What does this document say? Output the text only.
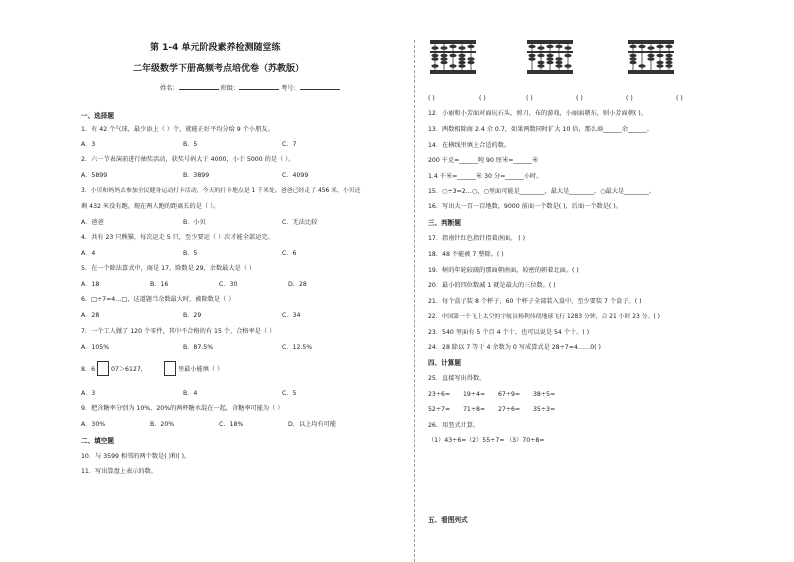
第 1-4 单元阶段素养检测随堂练
二年级数学下册高频考点培优卷（苏教版）
姓名：	班级：	考号：
一、选择题
1．有 42 个气球，最少添上（ ）个，就能正好平均分给 9 个小朋友。
A．3	B．5	C．7
2．六一节表演前进行抽奖活动，获奖号码大于 4000，小于 5000 的是（ ）。
A．5899	B．3899	C．4099
3．小贝和妈妈去参加全民健身运动打卡活动，今天的打卡地点是 1 千米处。爸爸已经走了 456 米，小贝还
剩 432 米没有跑。现在两人跑的距离长的是（ ）。
A．爸爸	B．小贝	C．无法比较
4．共有 23 只熊猫，每次运走 5 只，至少要运（ ）次才能全部运完。
A．4	B．5	C．6
5．在一个除法算式中，商是 17，除数是 29，余数最大是（ ）
A．18	B．16	C．30	D．28
6．□÷7=4…□，这道题当余数最大时，被除数是（ ）
A．28	B．29	C．34
7．一个工人做了 120 个零件，其中不合格的有 15 个，合格率是（ ）
A．105%	B．87.5%	C．12.5%
8．6	07＞6127，	里最小能填（ ）
A．3	B．4	C．5
9．把含糖率分别为 10%、20%的两杯糖水混在一起，含糖率可能为（ ）
A．30%	B．20%	C．18%	D．以上均有可能
二、填空题
10．与 3599 相邻的两个数是( )和( )。
11．写出算盘上表示的数。
( )	( )	( )	( )	( )	( )
12．小丽和小芳面对面玩石头、剪刀、布的游戏，小丽面朝东，则小芳面朝( )。
13．两数相除商 2.4 余 0.7，如果两数同时扩大 10 倍，那么商______余______。
14．在横线里填上合适的数。
200 千克=______吨 90 厘米=______米
1.4 千米=______米 30 分=______小时。
15．○÷3=2…○，○里面可能是________，最大是________，○最大是________。
16．写出大一百一百地数，9000 前面一个数是( )，后面一个数是( )。
三、判断题
17．指南针红色指针指着南面。 ( )
18．48 不能被 7 整除。( )
19．树的年轮较疏的那面朝南面，较密的朝着北面。( )
20．最小的四位数减 1 就是最大的三位数。( )
21．每个盒子装 8 个杯子，60 个杯子全部装入盒中，至少要装 7 个盒子。( )
22．中国第一个飞上太空的宇航员杨利伟绕地球飞行 1283 分钟，合 21 小时 23 分。( )
23．540 里面有 5 个百 4 个十，也可以说是 54 个十。( )
24．28 除以 7 等于 4 余数为 0 写成算式是 28÷7=4……0( )
四、计算题
25．直接写出得数。
23÷6= 19÷4= 67÷9= 38÷5=
52÷7= 71÷8= 27÷6= 35÷3=
26．用竖式计算。
（1）43÷6= （2）55÷7= （3）70÷8=
五、看图列式
